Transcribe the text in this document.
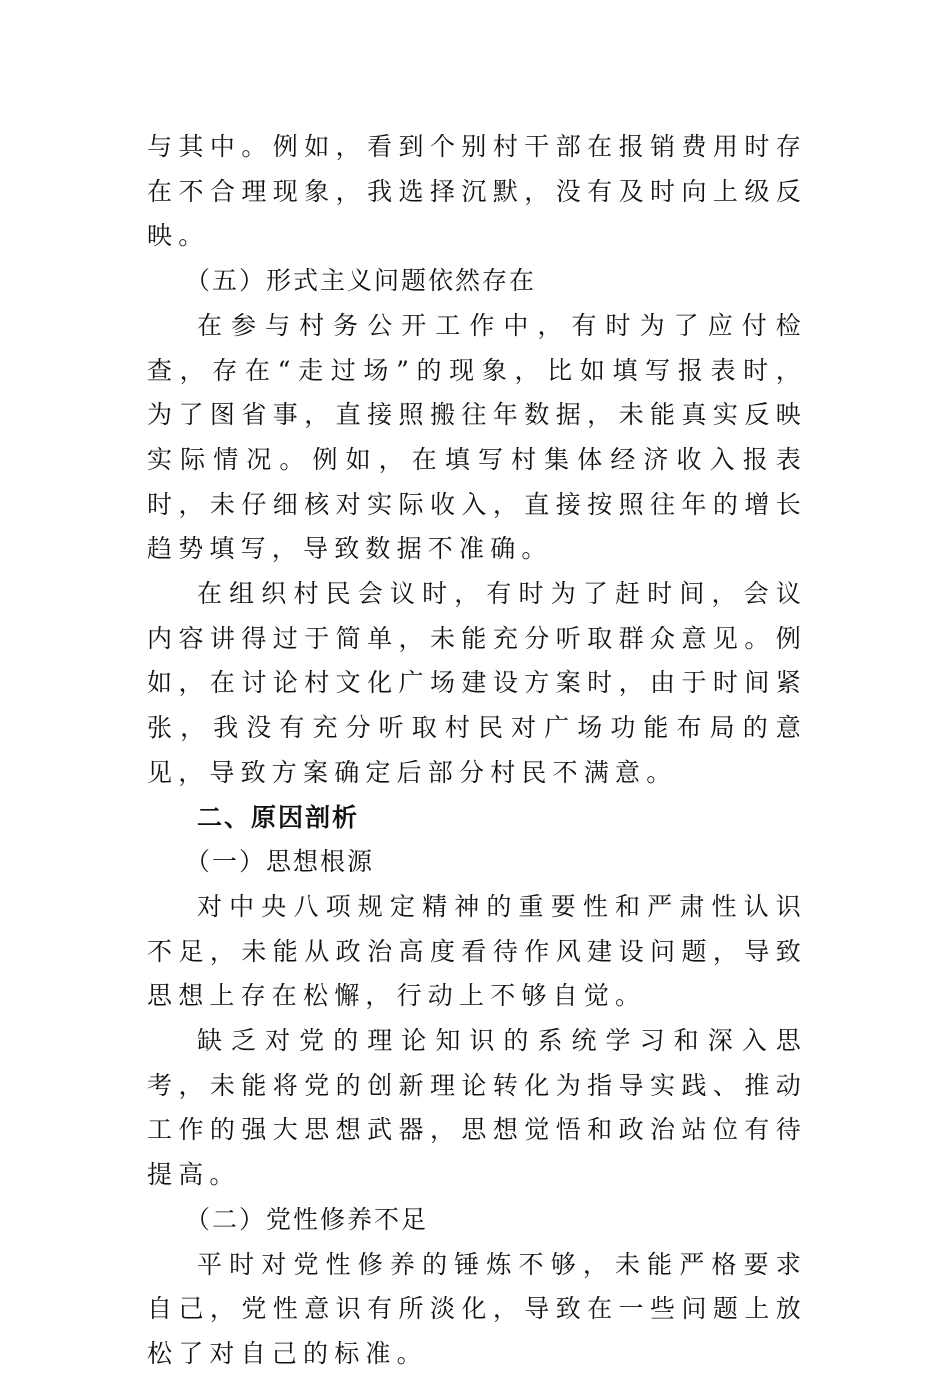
与其中。例如，看到个别村干部在报销费用时存在不合理现象，我选择沉默，没有及时向上级反映。

（五）形式主义问题依然存在

在参与村务公开工作中，有时为了应付检查，存在“走过场”的现象，比如填写报表时，为了图省事，直接照搬往年数据，未能真实反映实际情况。例如，在填写村集体经济收入报表时，未仔细核对实际收入，直接按照往年的增长趋势填写，导致数据不准确。

在组织村民会议时，有时为了赶时间，会议内容讲得过于简单，未能充分听取群众意见。例如，在讨论村文化广场建设方案时，由于时间紧张，我没有充分听取村民对广场功能布局的意见，导致方案确定后部分村民不满意。

二、原因剖析

（一）思想根源

对中央八项规定精神的重要性和严肃性认识不足，未能从政治高度看待作风建设问题，导致思想上存在松懈，行动上不够自觉。

缺乏对党的理论知识的系统学习和深入思考，未能将党的创新理论转化为指导实践、推动工作的强大思想武器，思想觉悟和政治站位有待提高。

（二）党性修养不足

平时对党性修养的锤炼不够，未能严格要求自己，党性意识有所淡化，导致在一些问题上放松了对自己的标准。
